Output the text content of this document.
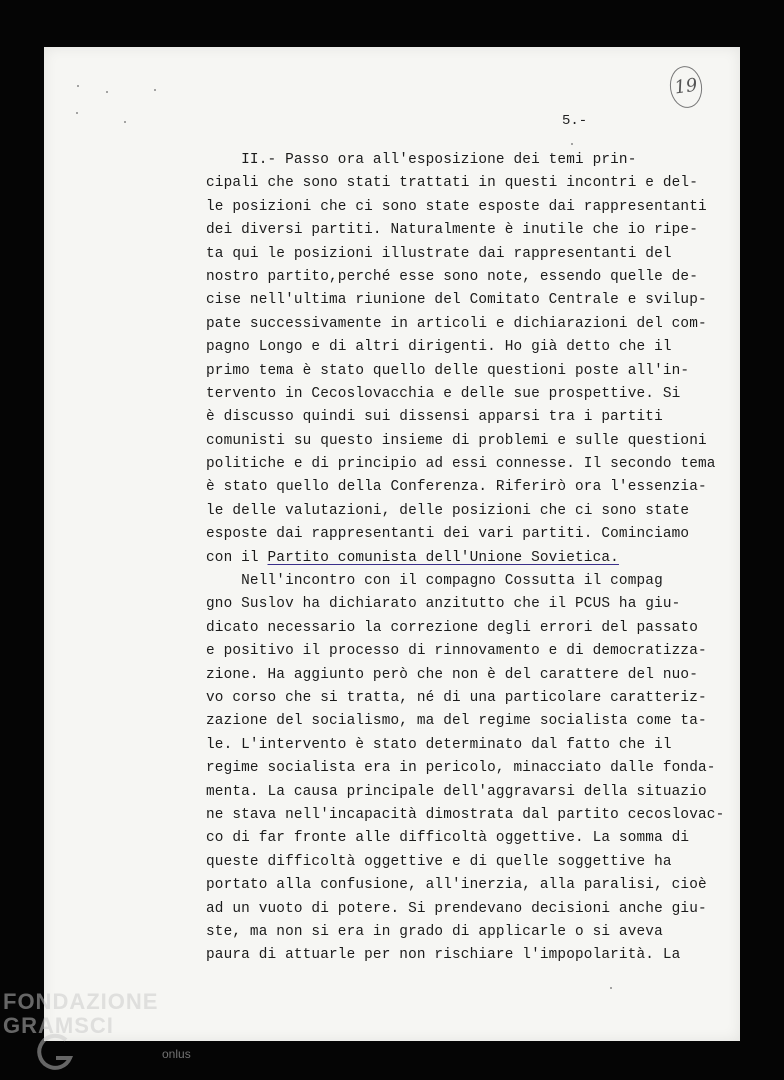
19
5.-
II.- Passo ora all'esposizione dei temi prin-
cipali che sono stati trattati in questi incontri e del-
le posizioni che ci sono state esposte dai rappresentanti
dei diversi partiti. Naturalmente è inutile che io ripe-
ta qui le posizioni illustrate dai rappresentanti del
nostro partito,perché esse sono note, essendo quelle de-
cise nell'ultima riunione del Comitato Centrale e svilup-
pate successivamente in articoli e dichiarazioni del com-
pagno Longo e di altri dirigenti. Ho già detto che il
primo tema è stato quello delle questioni poste all'in-
tervento in Cecoslovacchia e delle sue prospettive. Si
è discusso quindi sui dissensi apparsi tra i partiti
comunisti su questo insieme di problemi e sulle questioni
politiche e di principio ad essi connesse. Il secondo tema
è stato quello della Conferenza. Riferirò ora l'essenzia-
le delle valutazioni, delle posizioni che ci sono state
esposte dai rappresentanti dei vari partiti. Cominciamo
con il Partito comunista dell'Unione Sovietica.
Nell'incontro con il compagno Cossutta il compag
gno Suslov ha dichiarato anzitutto che il PCUS ha giu-
dicato necessario la correzione degli errori del passato
e positivo il processo di rinnovamento e di democratizza-
zione. Ha aggiunto però che non è del carattere del nuo-
vo corso che si tratta, né di una particolare caratteriz-
zazione del socialismo, ma del regime socialista come ta-
le. L'intervento è stato determinato dal fatto che il
regime socialista era in pericolo, minacciato dalle fonda-
menta. La causa principale dell'aggravarsi della situazio
ne stava nell'incapacità dimostrata dal partito cecoslovac-
co di far fronte alle difficoltà oggettive. La somma di
queste difficoltà oggettive e di quelle soggettive ha
portato alla confusione, all'inerzia, alla paralisi, cioè
ad un vuoto di potere. Si prendevano decisioni anche giu-
ste, ma non si era in grado di applicarle o si aveva
paura di attuarle per non rischiare l'impopolarità. La
FONDAZIONE
GRAMSCI
onlus
